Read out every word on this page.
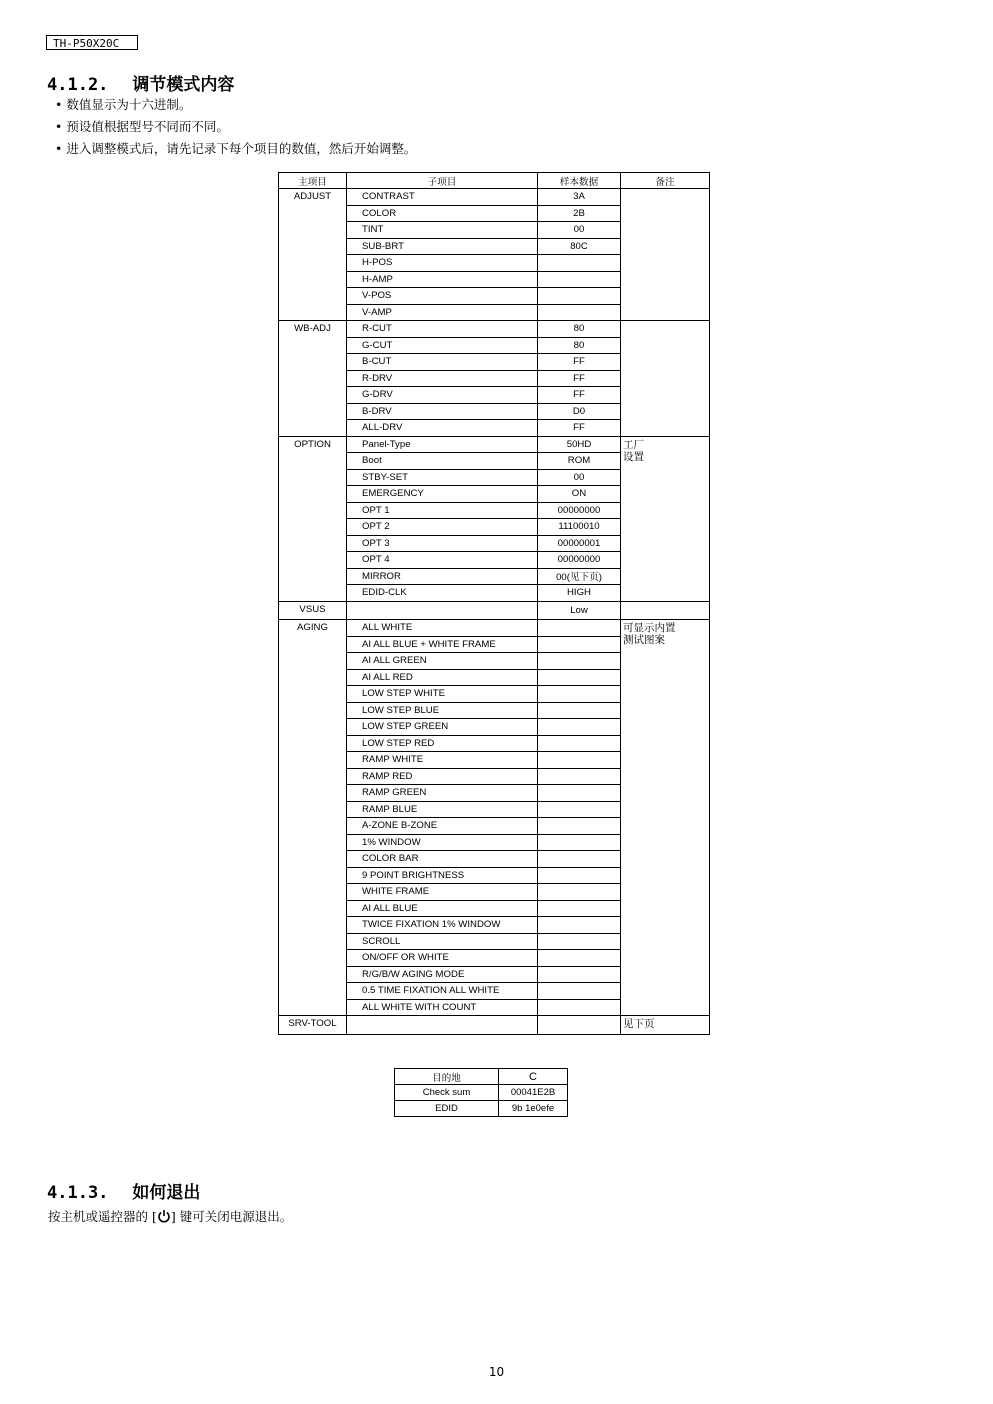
TH-P50X20C
4.1.2. 调节模式内容
• 数值显示为十六进制。
• 预设值根据型号不同而不同。
• 进入调整模式后，请先记录下每个项目的数值，然后开始调整。
主项目	子项目	样本数据	备注
ADJUST	CONTRAST	3A	
	COLOR	2B	
	TINT	00	
	SUB-BRT	80C	
	H-POS		
	H-AMP		
	V-POS		
	V-AMP		
WB-ADJ	R-CUT	80	
	G-CUT	80	
	B-CUT	FF	
	R-DRV	FF	
	G-DRV	FF	
	B-DRV	D0	
	ALL-DRV	FF	
OPTION	Panel-Type	50HD	工厂
设置
	Boot	ROM	
	STBY-SET	00	
	EMERGENCY	ON	
	OPT 1	00000000	
	OPT 2	11100010	
	OPT 3	00000001	
	OPT 4	00000000	
	MIRROR	00(见下页)	
	EDID-CLK	HIGH	
VSUS		Low	
AGING	ALL WHITE		可显示内置
测试图案
	AI ALL BLUE + WHITE FRAME		
	AI ALL GREEN		
	AI ALL RED		
	LOW STEP WHITE		
	LOW STEP BLUE		
	LOW STEP GREEN		
	LOW STEP RED		
	RAMP WHITE		
	RAMP RED		
	RAMP GREEN		
	RAMP BLUE		
	A-ZONE B-ZONE		
	1% WINDOW		
	COLOR BAR		
	9 POINT BRIGHTNESS		
	WHITE FRAME		
	AI ALL BLUE		
	TWICE FIXATION 1% WINDOW		
	SCROLL		
	ON/OFF OR WHITE		
	R/G/B/W AGING MODE		
	0.5 TIME FIXATION ALL WHITE		
	ALL WHITE WITH COUNT		
SRV-TOOL			见下页
目的地	C
Check sum	00041E2B
EDID	9b 1e0efe
4.1.3. 如何退出
按主机或遥控器的 [ ] 键可关闭电源退出。
10
